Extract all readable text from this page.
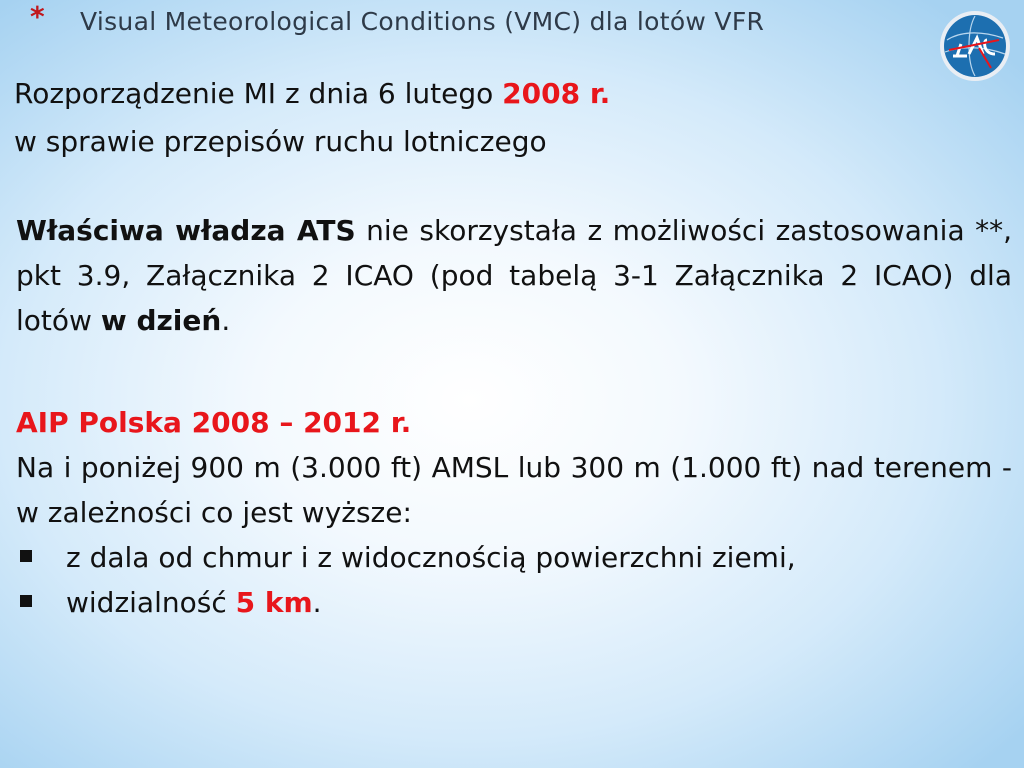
* Visual Meteorological Conditions (VMC) dla lotów VFR
Rozporządzenie MI z dnia 6 lutego 2008 r.
w sprawie przepisów ruchu lotniczego
Właściwa władza ATS nie skorzystała z możliwości zastosowania **, pkt 3.9, Załącznika 2 ICAO (pod tabelą 3-1 Załącznika 2 ICAO) dla lotów w dzień.
AIP Polska 2008 – 2012 r.
Na i poniżej 900 m (3.000 ft) AMSL lub 300 m (1.000 ft) nad terenem - w zależności co jest wyższe:
z dala od chmur i z widocznością powierzchni ziemi,
widzialność 5 km.
